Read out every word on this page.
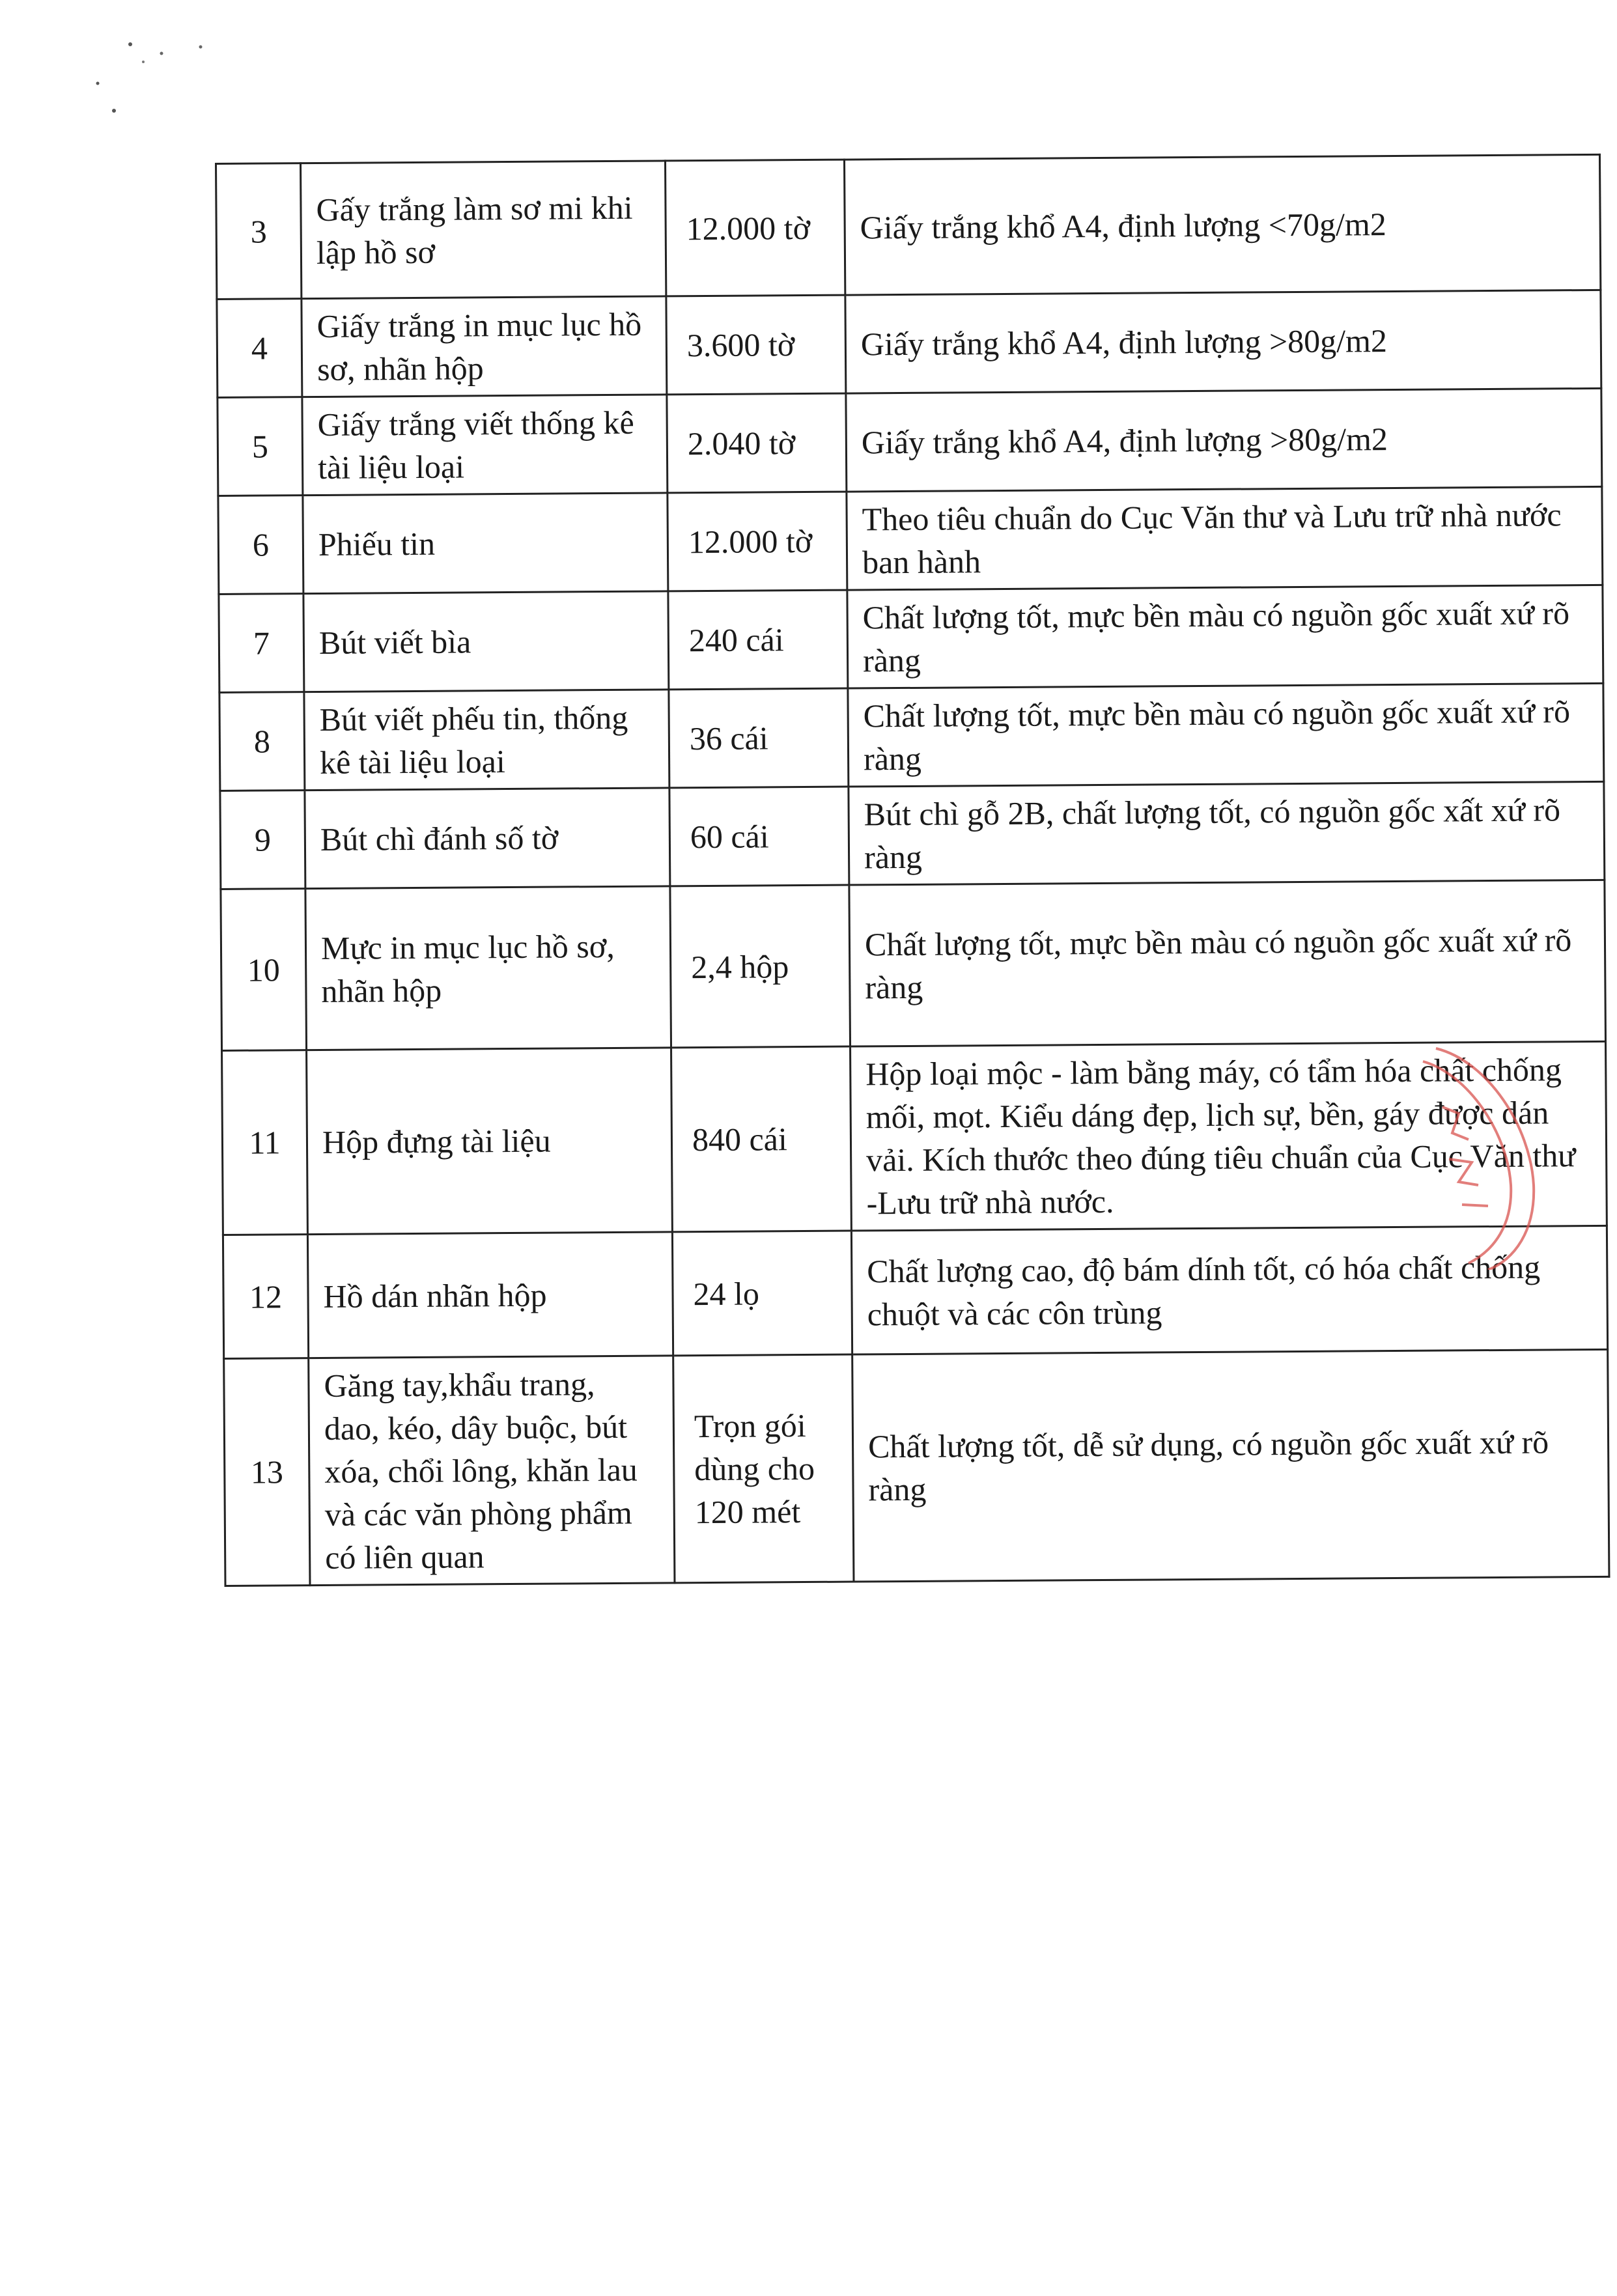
3	Gấy trắng làm sơ mi khi lập hồ sơ	12.000 tờ	Giấy trắng khổ A4, định lượng <70g/m2
4	Giấy trắng in mục lục hồ sơ, nhãn hộp	3.600 tờ	Giấy trắng khổ A4, định lượng >80g/m2
5	Giấy trắng viết thống kê tài liệu loại	2.040 tờ	Giấy trắng khổ A4, định lượng >80g/m2
6	Phiếu tin	12.000 tờ	Theo tiêu chuẩn do Cục Văn thư và Lưu trữ nhà nước ban hành
7	Bút viết bìa	240 cái	Chất lượng tốt, mực bền màu có nguồn gốc xuất xứ rõ ràng
8	Bút viết phếu tin, thống kê tài liệu loại	36 cái	Chất lượng tốt, mực bền màu có nguồn gốc xuất xứ rõ ràng
9	Bút chì đánh số tờ	60 cái	Bút chì gỗ 2B, chất lượng tốt, có nguồn gốc xất xứ rõ ràng
10	Mực in mục lục hồ sơ, nhãn hộp	2,4 hộp	Chất lượng tốt, mực bền màu có nguồn gốc xuất xứ rõ ràng
11	Hộp đựng tài liệu	840 cái	Hộp loại mộc - làm bằng máy, có tẩm hóa chất chống mối, mọt. Kiểu dáng đẹp, lịch sự, bền, gáy được dán vải. Kích thước theo đúng tiêu chuẩn của Cục Văn thư -Lưu trữ nhà nước.
12	Hồ dán nhãn hộp	24 lọ	Chất lượng cao, độ bám dính tốt, có hóa chất chống chuột và các côn trùng
13	Găng tay,khẩu trang, dao, kéo, dây buộc, bút xóa, chổi lông, khăn lau và các văn phòng phẩm có liên quan	Trọn gói dùng cho 120 mét	Chất lượng tốt, dễ sử dụng, có nguồn gốc xuất xứ rõ ràng
